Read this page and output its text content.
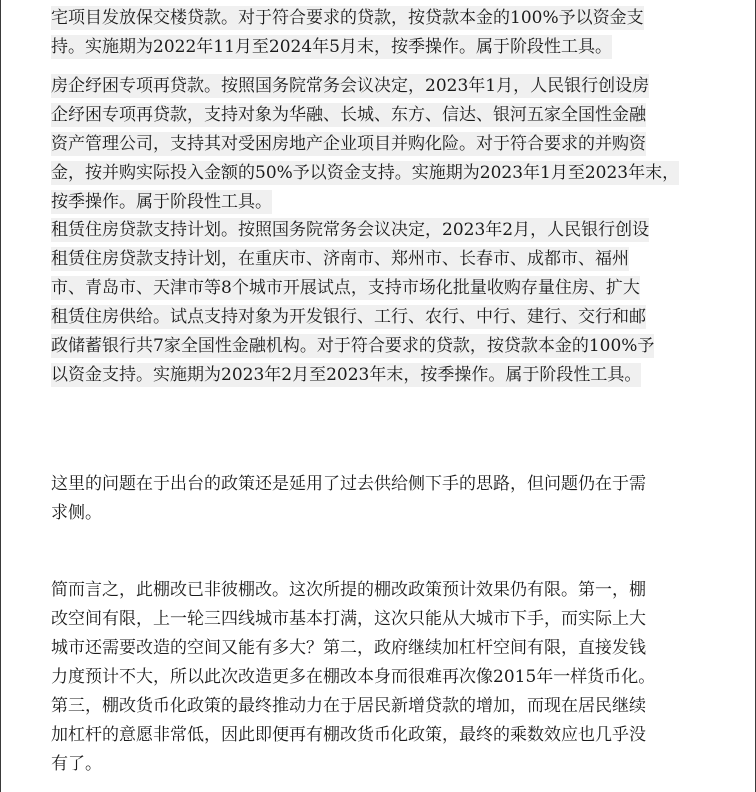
宅项目发放保交楼贷款。对于符合要求的贷款，按贷款本金的100%予以资金支
持。实施期为2022年11月至2024年5月末，按季操作。属于阶段性工具。
房企纾困专项再贷款。按照国务院常务会议决定，2023年1月，人民银行创设房
企纾困专项再贷款，支持对象为华融、长城、东方、信达、银河五家全国性金融
资产管理公司，支持其对受困房地产企业项目并购化险。对于符合要求的并购资
金，按并购实际投入金额的50%予以资金支持。实施期为2023年1月至2023年末，
按季操作。属于阶段性工具。
租赁住房贷款支持计划。按照国务院常务会议决定，2023年2月，人民银行创设
租赁住房贷款支持计划，在重庆市、济南市、郑州市、长春市、成都市、福州
市、青岛市、天津市等8个城市开展试点，支持市场化批量收购存量住房、扩大
租赁住房供给。试点支持对象为开发银行、工行、农行、中行、建行、交行和邮
政储蓄银行共7家全国性金融机构。对于符合要求的贷款，按贷款本金的100%予
以资金支持。实施期为2023年2月至2023年末，按季操作。属于阶段性工具。
这里的问题在于出台的政策还是延用了过去供给侧下手的思路，但问题仍在于需
求侧。
简而言之，此棚改已非彼棚改。这次所提的棚改政策预计效果仍有限。第一，棚
改空间有限，上一轮三四线城市基本打满，这次只能从大城市下手，而实际上大
城市还需要改造的空间又能有多大？第二，政府继续加杠杆空间有限，直接发钱
力度预计不大，所以此次改造更多在棚改本身而很难再次像2015年一样货币化。
第三，棚改货币化政策的最终推动力在于居民新增贷款的增加，而现在居民继续
加杠杆的意愿非常低，因此即便再有棚改货币化政策，最终的乘数效应也几乎没
有了。
